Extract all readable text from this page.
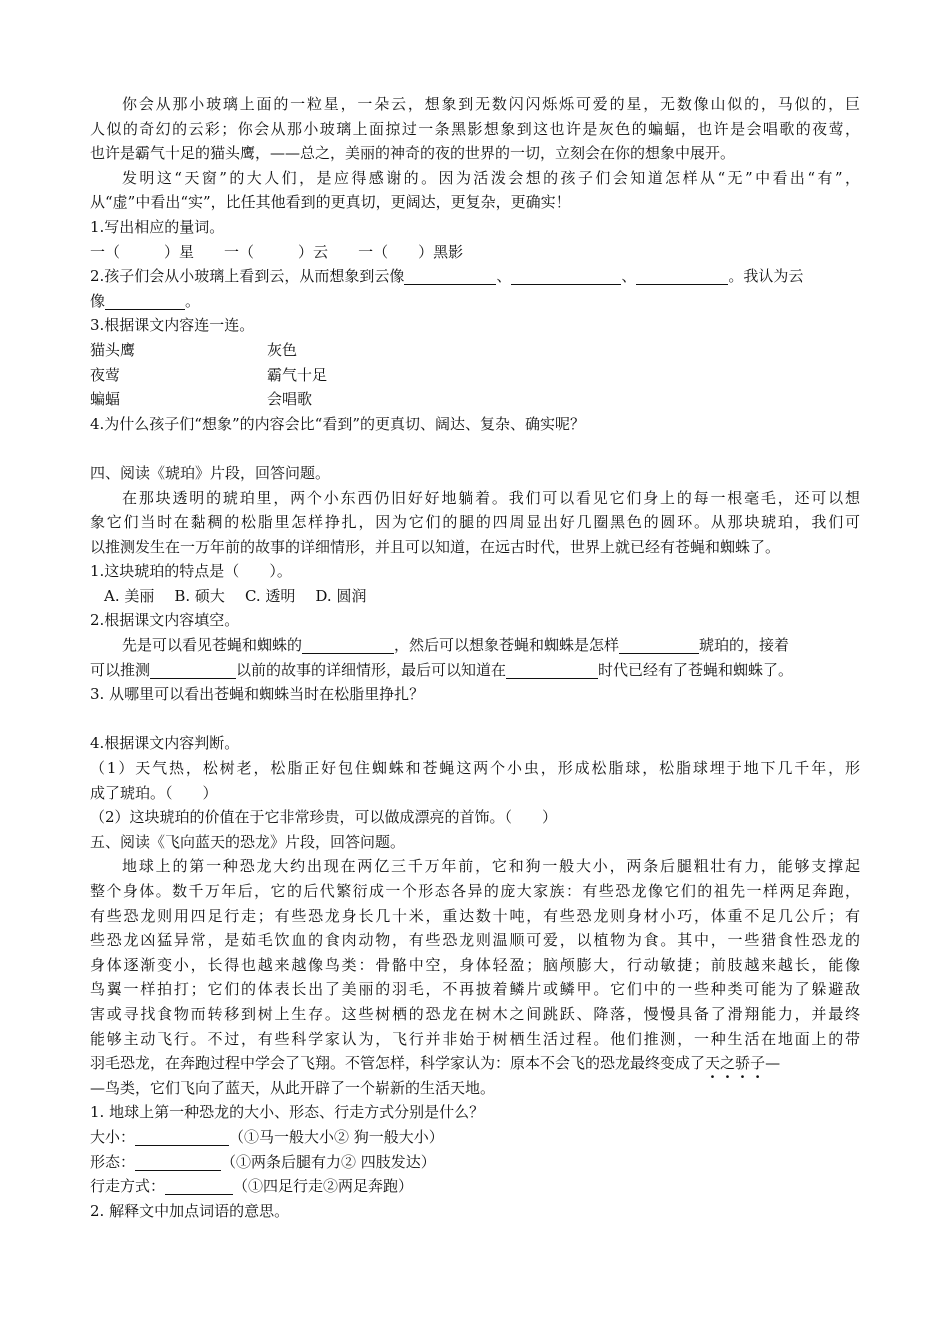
你会从那小玻璃上面的一粒星，一朵云，想象到无数闪闪烁烁可爱的星，无数像山似的，马似的，巨
人似的奇幻的云彩；你会从那小玻璃上面掠过一条黑影想象到这也许是灰色的蝙蝠，也许是会唱歌的夜莺，
也许是霸气十足的猫头鹰，——总之，美丽的神奇的夜的世界的一切，立刻会在你的想象中展开。
发明这“天窗”的大人们，是应得感谢的。因为活泼会想的孩子们会知道怎样从“无”中看出“有”，
从“虚”中看出“实”，比任其他看到的更真切，更阔达，更复杂，更确实！
1.写出相应的量词。
一（	）星 一（	）云 一（ ）黑影
2.孩子们会从小玻璃上看到云，从而想象到云像	、	、	。我认为云
像	。
3.根据课文内容连一连。
猫头鹰	灰色
夜莺	霸气十足
蝙蝠	会唱歌
4.为什么孩子们“想象”的内容会比“看到”的更真切、阔达、复杂、确实呢？
四、阅读《琥珀》片段，回答问题。
在那块透明的琥珀里，两个小东西仍旧好好地躺着。我们可以看见它们身上的每一根毫毛，还可以想
象它们当时在黏稠的松脂里怎样挣扎，因为它们的腿的四周显出好几圈黑色的圆环。从那块琥珀，我们可
以推测发生在一万年前的故事的详细情形，并且可以知道，在远古时代，世界上就已经有苍蝇和蜘蛛了。
1.这块琥珀的特点是（　　）。
A. 美丽 B. 硕大 C. 透明 D. 圆润
2.根据课文内容填空。
先是可以看见苍蝇和蜘蛛的	，然后可以想象苍蝇和蜘蛛是怎样	琥珀的，接着
可以推测	以前的故事的详细情形，最后可以知道在	时代已经有了苍蝇和蜘蛛了。
3. 从哪里可以看出苍蝇和蜘蛛当时在松脂里挣扎？
4.根据课文内容判断。
（1）天气热，松树老，松脂正好包住蜘蛛和苍蝇这两个小虫，形成松脂球，松脂球埋于地下几千年，形
成了琥珀。（　　）
（2）这块琥珀的价值在于它非常珍贵，可以做成漂亮的首饰。（　　）
五、阅读《飞向蓝天的恐龙》片段，回答问题。
地球上的第一种恐龙大约出现在两亿三千万年前，它和狗一般大小，两条后腿粗壮有力，能够支撑起
整个身体。数千万年后，它的后代繁衍成一个形态各异的庞大家族：有些恐龙像它们的祖先一样两足奔跑，
有些恐龙则用四足行走；有些恐龙身长几十米，重达数十吨，有些恐龙则身材小巧，体重不足几公斤；有
些恐龙凶猛异常，是茹毛饮血的食肉动物，有些恐龙则温顺可爱，以植物为食。其中，一些猎食性恐龙的
身体逐渐变小，长得也越来越像鸟类：骨骼中空，身体轻盈；脑颅膨大，行动敏捷；前肢越来越长，能像
鸟翼一样拍打；它们的体表长出了美丽的羽毛，不再披着鳞片或鳞甲。它们中的一些种类可能为了躲避敌
害或寻找食物而转移到树上生存。这些树栖的恐龙在树木之间跳跃、降落，慢慢具备了滑翔能力，并最终
能够主动飞行。不过，有些科学家认为，飞行并非始于树栖生活过程。他们推测，一种生活在地面上的带
羽毛恐龙，在奔跑过程中学会了飞翔。不管怎样，科学家认为：原本不会飞的恐龙最终变成了天之骄子—
—鸟类，它们飞向了蓝天，从此开辟了一个崭新的生活天地。
1. 地球上第一种恐龙的大小、形态、行走方式分别是什么？
大小：	（①马一般大小② 狗一般大小）
形态：	（①两条后腿有力② 四肢发达）
行走方式：	（①四足行走②两足奔跑）
2. 解释文中加点词语的意思。
